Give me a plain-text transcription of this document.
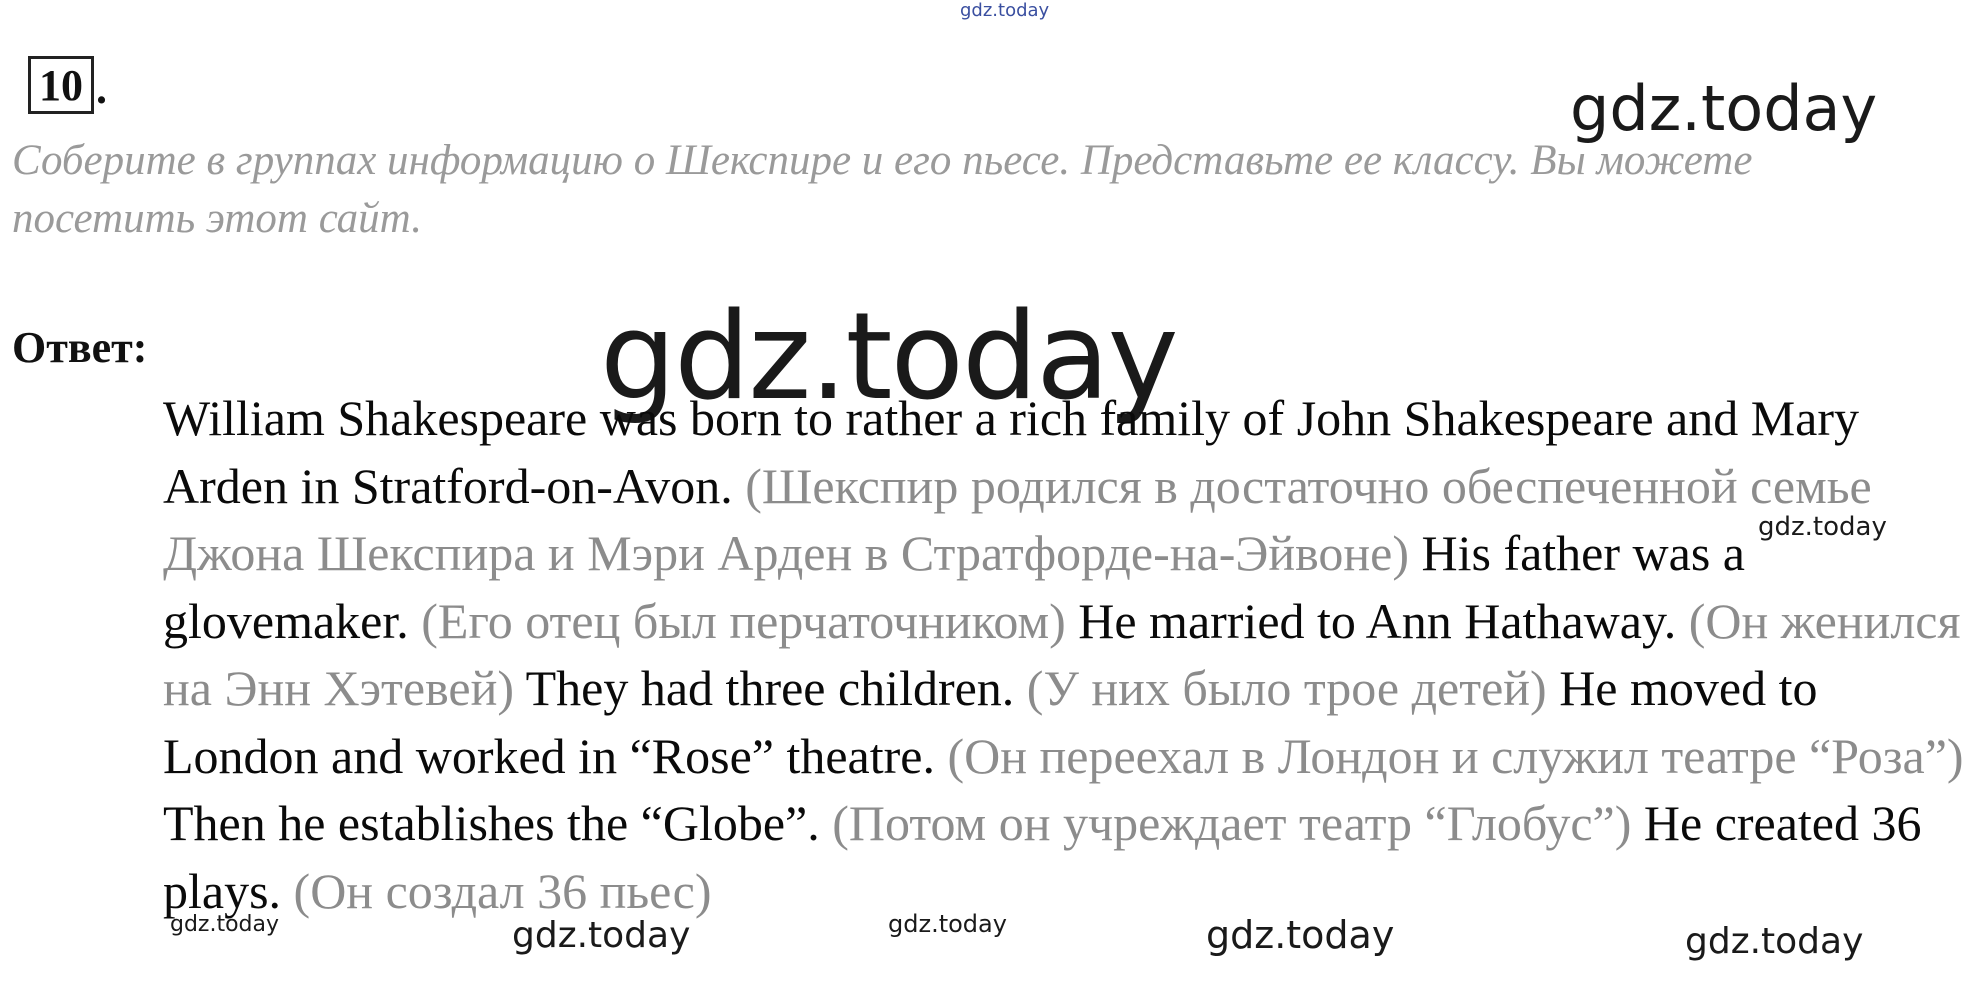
gdz.today
gdz.today
gdz.today
10 .

Соберите в группах информацию о Шекспире и его пьесе. Представьте ее классу. Вы можете посетить этот сайт.

Ответ:

William Shakespeare was born to rather a rich family of John Shakespeare and Mary Arden in Stratford-on-Avon. (Шекспир родился в достаточно обеспеченной семье Джона Шекспира и Мэри Арден в Стратфорде-на-Эйвоне) His father was a glovemaker. (Его отец был перчаточником) He married to Ann Hathaway. (Он женился на Энн Хэтевей) They had three children. (У них было трое детей) He moved to London and worked in “Rose” theatre. (Он переехал в Лондон и служил театре “Роза”) Then he establishes the “Globe”. (Потом он учреждает театр “Глобус”) He created 36 plays. (Он создал 36 пьес)

gdz.today
gdz.today	gdz.today	gdz.today	gdz.today	gdz.today
